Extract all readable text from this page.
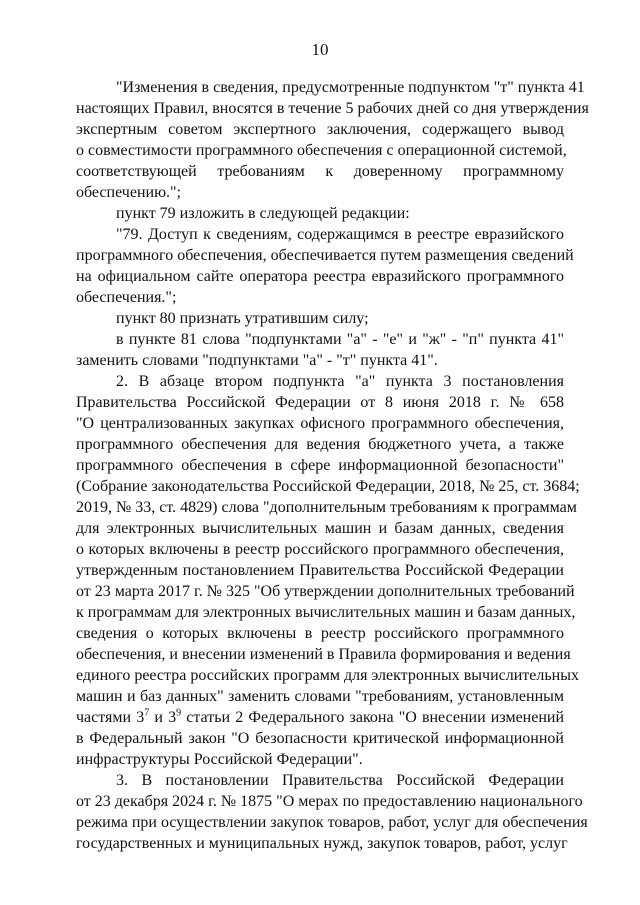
10
"Изменения в сведения, предусмотренные подпунктом "т" пункта 41
настоящих Правил, вносятся в течение 5 рабочих дней со дня утверждения
экспертным советом экспертного заключения, содержащего вывод
о совместимости программного обеспечения с операционной системой,
соответствующей требованиям к доверенному программному
обеспечению.";
пункт 79 изложить в следующей редакции:
"79. Доступ к сведениям, содержащимся в реестре евразийского
программного обеспечения, обеспечивается путем размещения сведений
на официальном сайте оператора реестра евразийского программного
обеспечения.";
пункт 80 признать утратившим силу;
в пункте 81 слова "подпунктами "а" - "е" и "ж" - "п" пункта 41"
заменить словами "подпунктами "а" - "т" пункта 41".
2. В абзаце втором подпункта "а" пункта 3 постановления
Правительства Российской Федерации от 8 июня 2018 г. № 658
"О централизованных закупках офисного программного обеспечения,
программного обеспечения для ведения бюджетного учета, а также
программного обеспечения в сфере информационной безопасности"
(Собрание законодательства Российской Федерации, 2018, № 25, ст. 3684;
2019, № 33, ст. 4829) слова "дополнительным требованиям к программам
для электронных вычислительных машин и базам данных, сведения
о которых включены в реестр российского программного обеспечения,
утвержденным постановлением Правительства Российской Федерации
от 23 марта 2017 г. № 325 "Об утверждении дополнительных требований
к программам для электронных вычислительных машин и базам данных,
сведения о которых включены в реестр российского программного
обеспечения, и внесении изменений в Правила формирования и ведения
единого реестра российских программ для электронных вычислительных
машин и баз данных" заменить словами "требованиям, установленным
частями $3^7$ и $3^9$ статьи 2 Федерального закона "О внесении изменений
в Федеральный закон "О безопасности критической информационной
инфраструктуры Российской Федерации".
3. В постановлении Правительства Российской Федерации
от 23 декабря 2024 г. № 1875 "О мерах по предоставлению национального
режима при осуществлении закупок товаров, работ, услуг для обеспечения
государственных и муниципальных нужд, закупок товаров, работ, услуг
